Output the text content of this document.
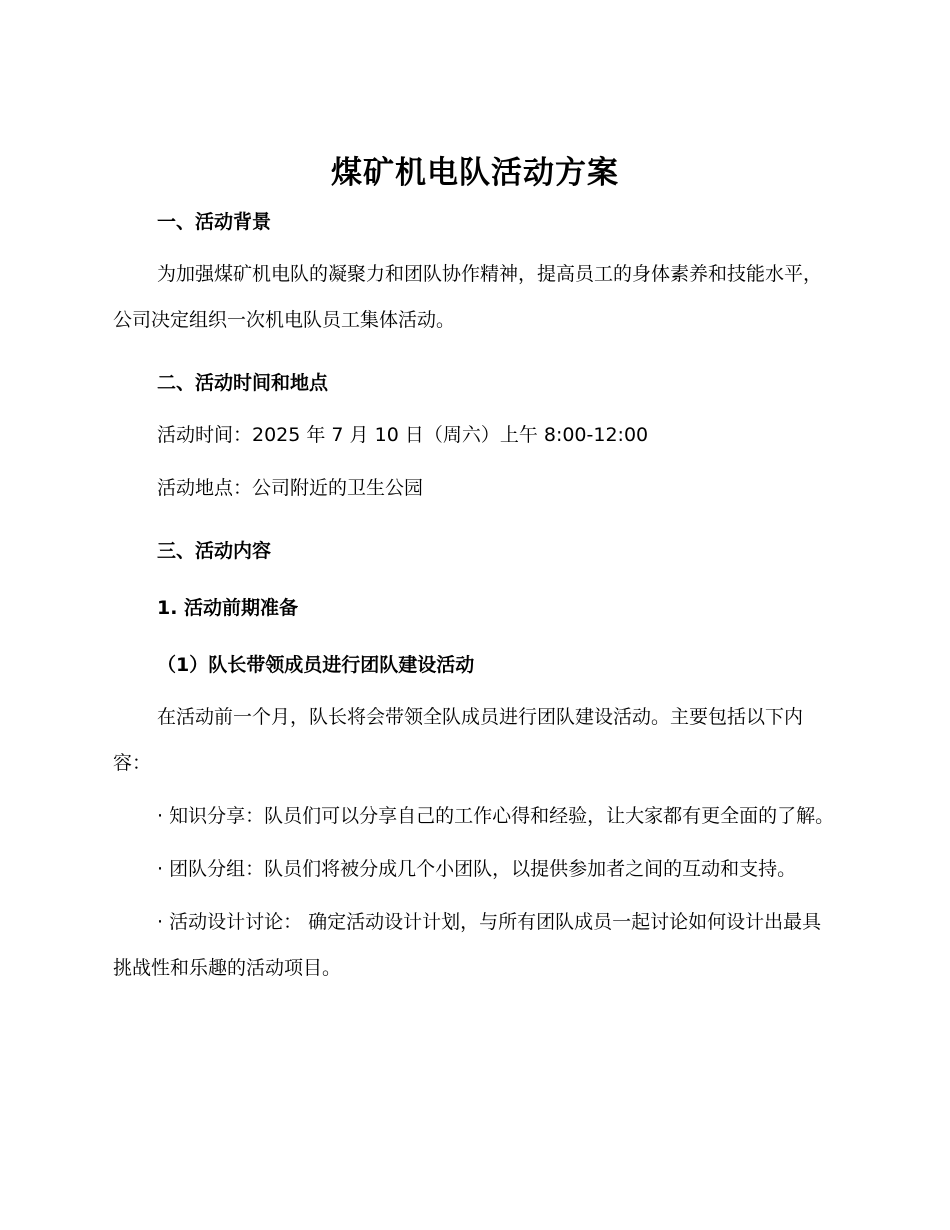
煤矿机电队活动方案

一、活动背景

为加强煤矿机电队的凝聚力和团队协作精神，提高员工的身体素养和技能水平，公司决定组织一次机电队员工集体活动。

二、活动时间和地点

活动时间：2025 年 7 月 10 日（周六）上午 8:00-12:00

活动地点：公司附近的卫生公园

三、活动内容

1. 活动前期准备

（1）队长带领成员进行团队建设活动

在活动前一个月，队长将会带领全队成员进行团队建设活动。主要包括以下内容：

· 知识分享：队员们可以分享自己的工作心得和经验，让大家都有更全面的了解。

· 团队分组：队员们将被分成几个小团队，以提供参加者之间的互动和支持。

· 活动设计讨论： 确定活动设计计划，与所有团队成员一起讨论如何设计出最具挑战性和乐趣的活动项目。
